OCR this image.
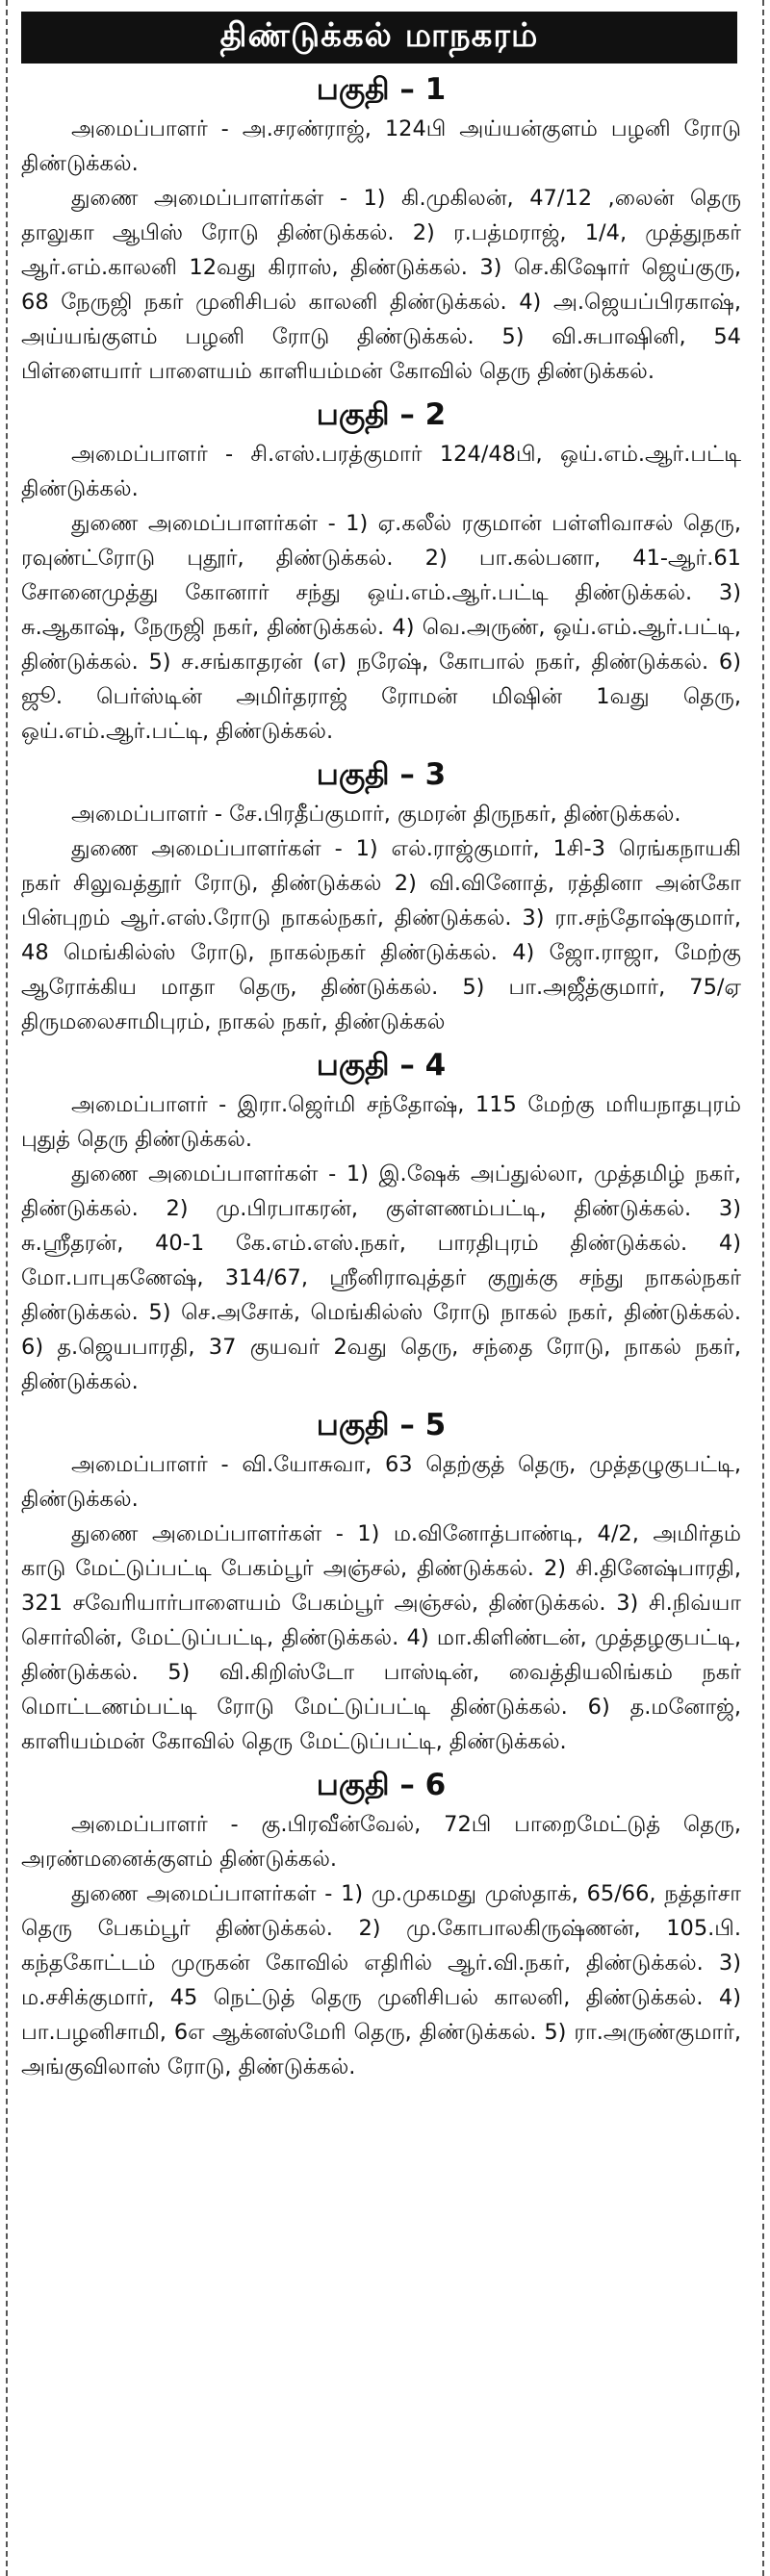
திண்டுக்கல் மாநகரம்
பகுதி – 1

அமைப்பாளர் - அ.சரண்ராஜ், 124பி அய்யன்குளம் பழனி ரோடு திண்டுக்கல்.

துணை அமைப்பாளர்கள் - 1) கி.முகிலன், 47/12 ,லைன் தெரு தாலுகா ஆபிஸ் ரோடு திண்டுக்கல். 2) ர.பத்மராஜ், 1/4, முத்துநகர் ஆர்.எம்.காலனி 12வது கிராஸ், திண்டுக்கல். 3) செ.கிஷோர் ஜெய்குரு, 68 நேருஜி நகர் முனிசிபல் காலனி திண்டுக்கல். 4) அ.ஜெயப்பிரகாஷ், அய்யங்குளம் பழனி ரோடு திண்டுக்கல். 5) வி.சுபாஷினி, 54 பிள்ளையார் பாளையம் காளியம்மன் கோவில் தெரு திண்டுக்கல்.

பகுதி – 2

அமைப்பாளர் - சி.எஸ்.பரத்குமார் 124/48பி, ஒய்.எம்.ஆர்.பட்டி திண்டுக்கல்.

துணை அமைப்பாளர்கள் - 1) ஏ.கலீல் ரகுமான் பள்ளிவாசல் தெரு, ரவுண்ட்ரோடு புதூர், திண்டுக்கல். 2) பா.கல்பனா, 41-ஆர்.61 சோனைமுத்து கோனார் சந்து ஒய்.எம்.ஆர்.பட்டி திண்டுக்கல். 3) சு.ஆகாஷ், நேருஜி நகர், திண்டுக்கல். 4) வெ.அருண், ஒய்.எம்.ஆர்.பட்டி, திண்டுக்கல். 5) ச.சங்காதரன் (எ) நரேஷ், கோபால் நகர், திண்டுக்கல். 6) ஜூ. பெர்ஸ்டின் அமிர்தராஜ் ரோமன் மிஷின் 1வது தெரு, ஒய்.எம்.ஆர்.பட்டி, திண்டுக்கல்.

பகுதி – 3

அமைப்பாளர் - சே.பிரதீப்குமார், குமரன் திருநகர், திண்டுக்கல்.

துணை அமைப்பாளர்கள் - 1) எல்.ராஜ்குமார், 1சி-3 ரெங்கநாயகி நகர் சிலுவத்தூர் ரோடு, திண்டுக்கல் 2) வி.வினோத், ரத்தினா அன்கோ பின்புறம் ஆர்.எஸ்.ரோடு நாகல்நகர், திண்டுக்கல். 3) ரா.சந்தோஷ்குமார், 48 மெங்கில்ஸ் ரோடு, நாகல்நகர் திண்டுக்கல். 4) ஜோ.ராஜா, மேற்கு ஆரோக்கிய மாதா தெரு, திண்டுக்கல். 5) பா.அஜீத்குமார், 75/ஏ திருமலைசாமிபுரம், நாகல் நகர், திண்டுக்கல்

பகுதி – 4

அமைப்பாளர் - இரா.ஜெர்மி சந்தோஷ், 115 மேற்கு மரியநாதபுரம் புதுத் தெரு திண்டுக்கல்.

துணை அமைப்பாளர்கள் - 1) இ.ஷேக் அப்துல்லா, முத்தமிழ் நகர், திண்டுக்கல். 2) மு.பிரபாகரன், குள்ளணம்பட்டி, திண்டுக்கல். 3) சு.ஸ்ரீதரன், 40-1 கே.எம்.எஸ்.நகர், பாரதிபுரம் திண்டுக்கல். 4) மோ.பாபுகணேஷ், 314/67, ஸ்ரீனிராவுத்தர் குறுக்கு சந்து நாகல்நகர் திண்டுக்கல். 5) செ.அசோக், மெங்கில்ஸ் ரோடு நாகல் நகர், திண்டுக்கல். 6) த.ஜெயபாரதி, 37 குயவர் 2வது தெரு, சந்தை ரோடு, நாகல் நகர், திண்டுக்கல்.

பகுதி – 5

அமைப்பாளர் - வி.யோசுவா, 63 தெற்குத் தெரு, முத்தழுகுபட்டி, திண்டுக்கல்.

துணை அமைப்பாளர்கள் - 1) ம.வினோத்பாண்டி, 4/2, அமிர்தம் காடு மேட்டுப்பட்டி பேகம்பூர் அஞ்சல், திண்டுக்கல். 2) சி.தினேஷ்பாரதி, 321 சவேரியார்பாளையம் பேகம்பூர் அஞ்சல், திண்டுக்கல். 3) சி.நிவ்யா சொர்லின், மேட்டுப்பட்டி, திண்டுக்கல். 4) மா.கிளிண்டன், முத்தழகுபட்டி, திண்டுக்கல். 5) வி.கிறிஸ்டோ பாஸ்டின், வைத்தியலிங்கம் நகர் மொட்டணம்பட்டி ரோடு மேட்டுப்பட்டி திண்டுக்கல். 6) த.மனோஜ், காளியம்மன் கோவில் தெரு மேட்டுப்பட்டி, திண்டுக்கல்.

பகுதி – 6

அமைப்பாளர் - கு.பிரவீன்வேல், 72பி பாறைமேட்டுத் தெரு, அரண்மனைக்குளம் திண்டுக்கல்.

துணை அமைப்பாளர்கள் - 1) மு.முகமது முஸ்தாக், 65/66, நத்தர்சா தெரு பேகம்பூர் திண்டுக்கல். 2) மு.கோபாலகிருஷ்ணன், 105.பி. கந்தகோட்டம் முருகன் கோவில் எதிரில் ஆர்.வி.நகர், திண்டுக்கல். 3) ம.சசிக்குமார், 45 நெட்டுத் தெரு முனிசிபல் காலனி, திண்டுக்கல். 4) பா.பழனிசாமி, 6எ ஆக்னஸ்மேரி தெரு, திண்டுக்கல். 5) ரா.அருண்குமார், அங்குவிலாஸ் ரோடு, திண்டுக்கல்.
